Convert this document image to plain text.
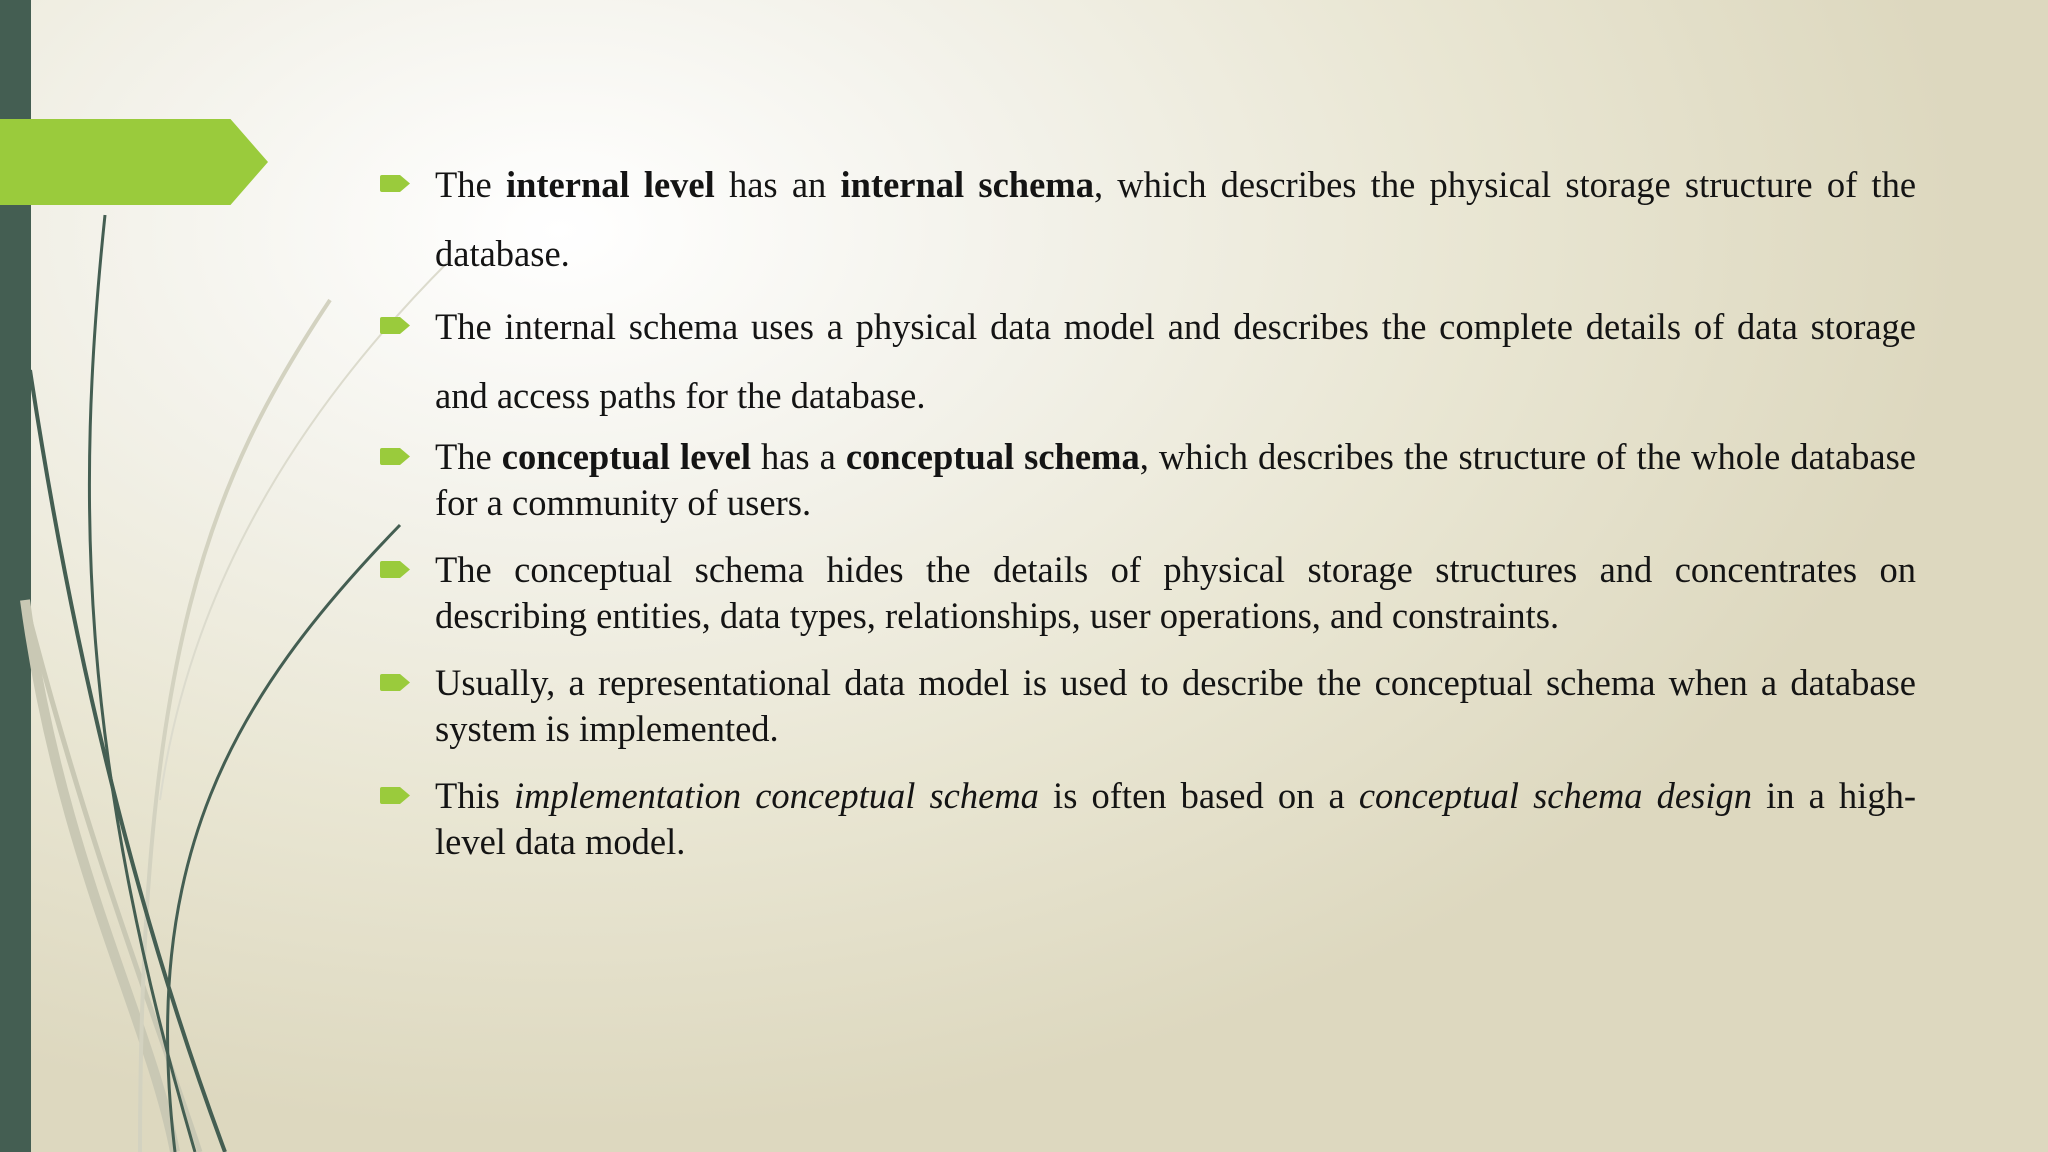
The internal level has an internal schema, which describes the physical storage structure of the database.
The internal schema uses a physical data model and describes the complete details of data storage and access paths for the database.
The conceptual level has a conceptual schema, which describes the structure of the whole database for a community of users.
The conceptual schema hides the details of physical storage structures and concentrates on describing entities, data types, relationships, user operations, and constraints.
Usually, a representational data model is used to describe the conceptual schema when a database system is implemented.
This implementation conceptual schema is often based on a conceptual schema design in a high-level data model.
